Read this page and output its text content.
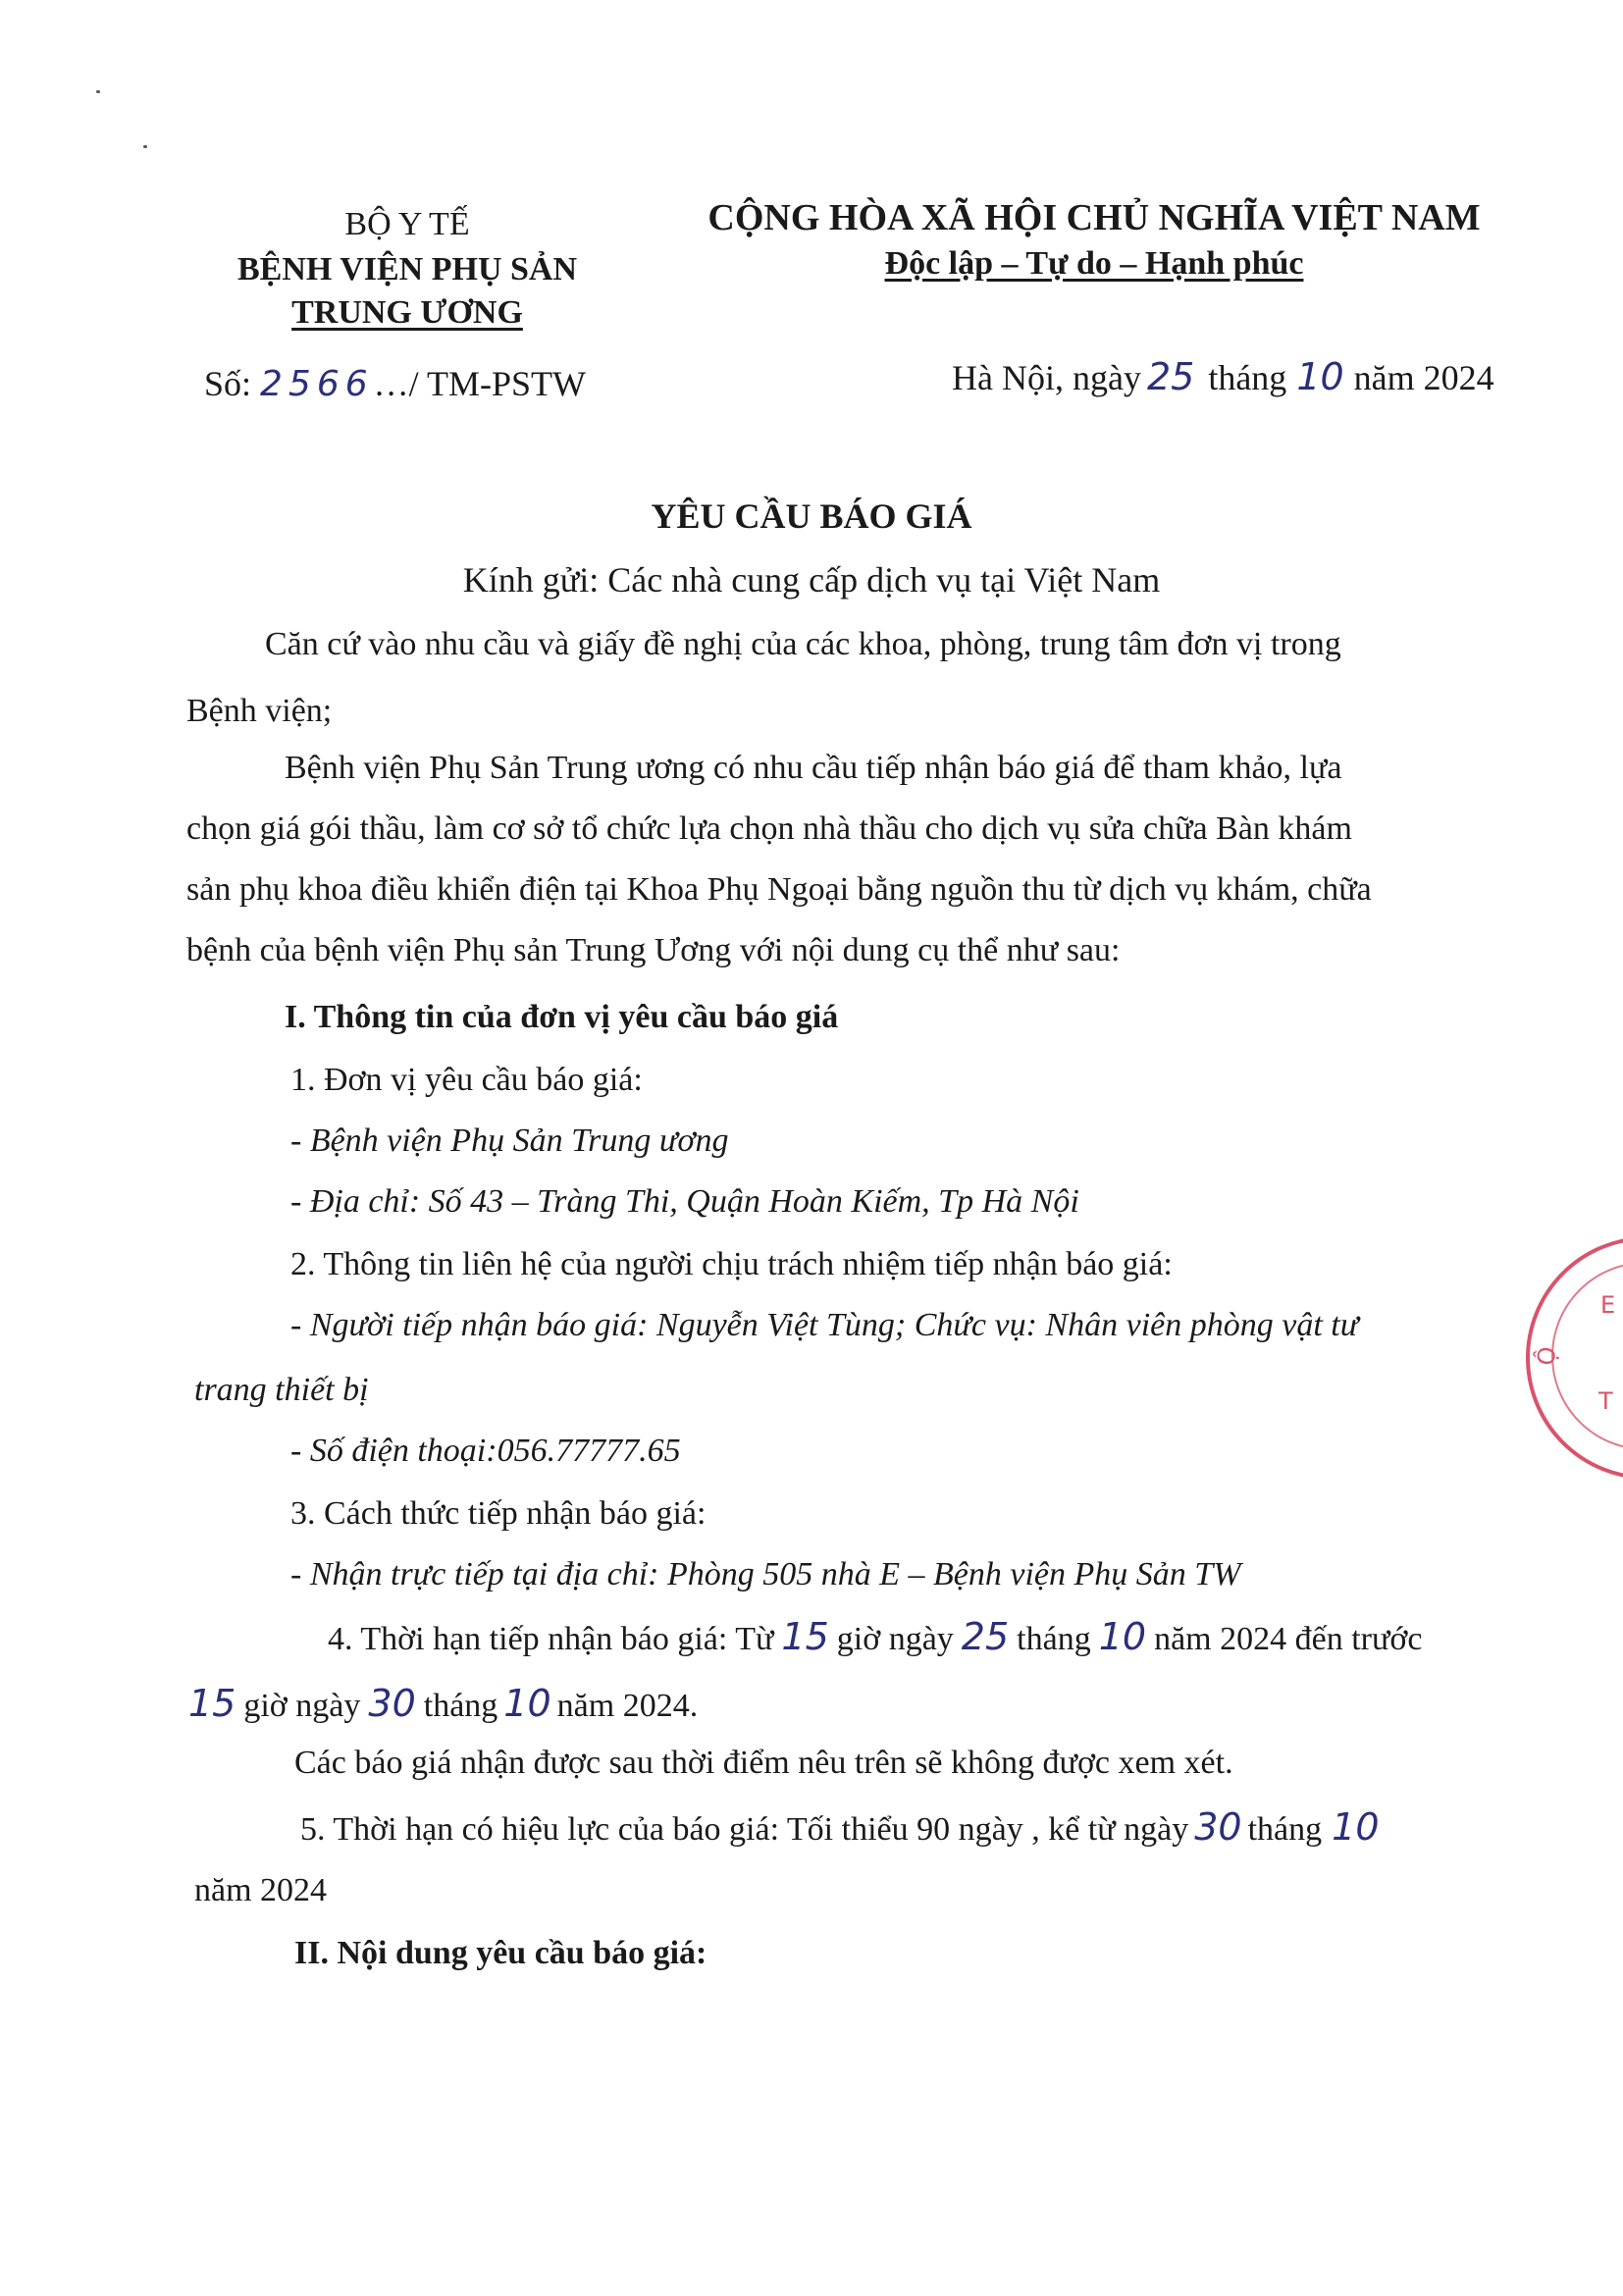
BỘ Y TẾ
BỆNH VIỆN PHỤ SẢN
TRUNG ƯƠNG
Số: 2566…/ TM-PSTW
CỘNG HÒA XÃ HỘI CHỦ NGHĨA VIỆT NAM
Độc lập – Tự do – Hạnh phúc
Hà Nội, ngày 25 tháng 10 năm 2024
YÊU CẦU BÁO GIÁ
Kính gửi: Các nhà cung cấp dịch vụ tại Việt Nam
Căn cứ vào nhu cầu và giấy đề nghị của các khoa, phòng, trung tâm đơn vị trong
Bệnh viện;
Bệnh viện Phụ Sản Trung ương có nhu cầu tiếp nhận báo giá để tham khảo, lựa
chọn giá gói thầu, làm cơ sở tổ chức lựa chọn nhà thầu cho dịch vụ sửa chữa Bàn khám
sản phụ khoa điều khiển điện tại Khoa Phụ Ngoại bằng nguồn thu từ dịch vụ khám, chữa
bệnh của bệnh viện Phụ sản Trung Ương với nội dung cụ thể như sau:
I. Thông tin của đơn vị yêu cầu báo giá
1. Đơn vị yêu cầu báo giá:
- Bệnh viện Phụ Sản Trung ương
- Địa chỉ: Số 43 – Tràng Thi, Quận Hoàn Kiếm, Tp Hà Nội
2. Thông tin liên hệ của người chịu trách nhiệm tiếp nhận báo giá:
- Người tiếp nhận báo giá: Nguyễn Việt Tùng; Chức vụ: Nhân viên phòng vật tư
trang thiết bị
- Số điện thoại:056.77777.65
3. Cách thức tiếp nhận báo giá:
- Nhận trực tiếp tại địa chỉ: Phòng 505 nhà E – Bệnh viện Phụ Sản TW
4. Thời hạn tiếp nhận báo giá: Từ 15 giờ ngày 25 tháng 10 năm 2024 đến trước
15 giờ ngày 30 tháng 10 năm 2024.
Các báo giá nhận được sau thời điểm nêu trên sẽ không được xem xét.
5. Thời hạn có hiệu lực của báo giá: Tối thiểu 90 ngày , kể từ ngày 30 tháng 10
năm 2024
II. Nội dung yêu cầu báo giá:
E
Ộ
T
